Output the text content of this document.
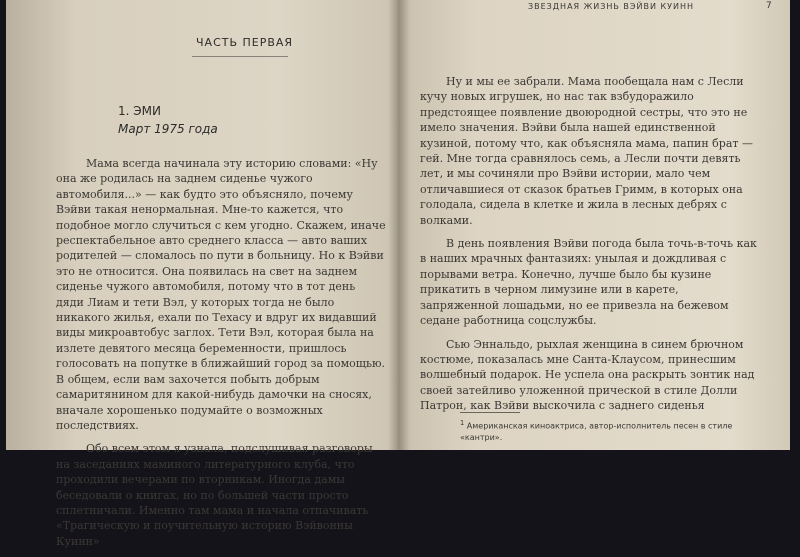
ЧАСТЬ ПЕРВАЯ
1. ЭМИ
Март 1975 года

Мама всегда начинала эту историю словами: «Ну она же родилась на заднем сиденье чужого автомобиля...» — как будто это объясняло, почему Вэйви такая ненормальная. Мне-то кажется, что подобное могло случиться с кем угодно. Скажем, иначе респектабельное авто среднего класса — авто ваших родителей — сломалось по пути в больницу. Но к Вэйви это не относится. Она появилась на свет на заднем сиденье чужого автомобиля, потому что в тот день дяди Лиам и тети Вэл, у которых тогда не было никакого жилья, ехали по Техасу и вдруг их видавший виды микроавтобус заглох. Тети Вэл, которая была на излете девятого месяца беременности, пришлось голосовать на попутке в ближайший город за помощью. В общем, если вам захочется побыть добрым самаритянином для какой-нибудь дамочки на сносях, вначале хорошенько подумайте о возможных последствиях.

Обо всем этом я узнала, подслушивая разговоры на заседаниях маминого литературного клуба, что проходили вечерами по вторникам. Иногда дамы беседовали о книгах, но по большей части просто сплетничали. Именно там мама и начала отпачивать «Трагическую и поучительную историю Вэйвонны Куинн»

ЗВЕЗДНАЯ ЖИЗНЬ ВЭЙВИ КУИНН	7

Ну и мы ее забрали. Мама пообещала нам с Лесли кучу новых игрушек, но нас так взбудоражило предстоящее появление двоюродной сестры, что это не имело значения. Вэйви была нашей единственной кузиной, потому что, как объясняла мама, папин брат — гей. Мне тогда сравнялось семь, а Лесли почти девять лет, и мы сочиняли про Вэйви истории, мало чем отличавшиеся от сказок братьев Гримм, в которых она голодала, сидела в клетке и жила в лесных дебрях с волками.

В день появления Вэйви погода была точь-в-точь как в наших мрачных фантазиях: унылая и дождливая с порывами ветра. Конечно, лучше было бы кузине прикатить в черном лимузине или в карете, запряженной лошадьми, но ее привезла на бежевом седане работница соцслужбы.

Сью Эннальдо, рыхлая женщина в синем брючном костюме, показалась мне Санта-Клаусом, принесшим волшебный подарок. Не успела она раскрыть зонтик над своей затейливо уложенной прической в стиле Долли Патрон, как Вэйви выскочила с заднего сиденья

$^1$ Американская киноактриса, автор-исполнитель песен в стиле «кантри».
